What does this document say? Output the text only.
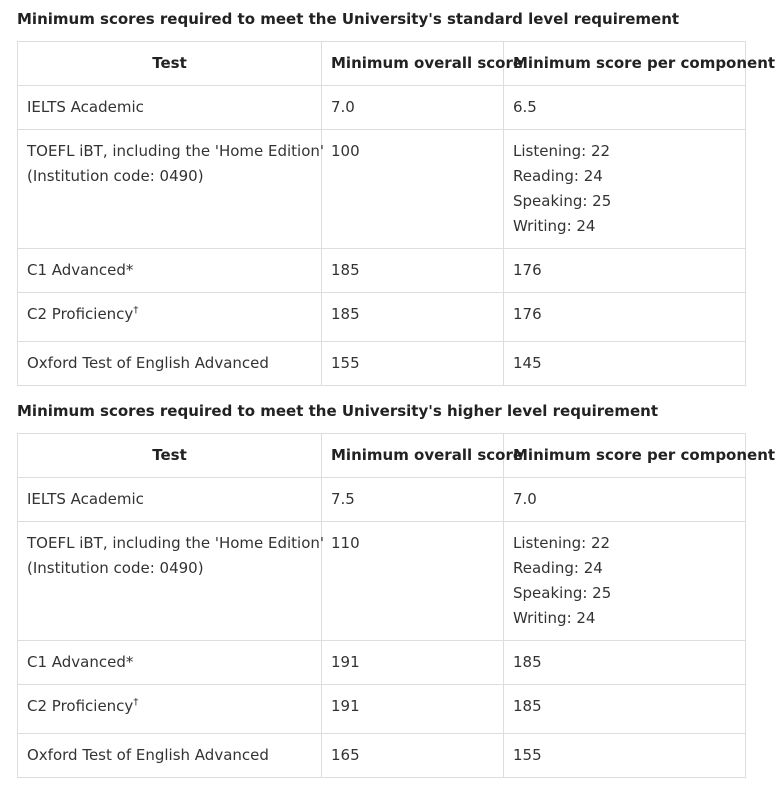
Minimum scores required to meet the University's standard level requirement
Test	Minimum overall score	Minimum score per component
IELTS Academic	7.0	6.5

TOEFL iBT, including the 'Home Edition'
(Institution code: 0490)	100	Listening: 22
Reading: 24
Speaking: 25
Writing: 24

C1 Advanced*	185	176
C2 Proficiency†	185	176
Oxford Test of English Advanced	155	145
Minimum scores required to meet the University's higher level requirement
Test	Minimum overall score	Minimum score per component
IELTS Academic	7.5	7.0

TOEFL iBT, including the 'Home Edition'
(Institution code: 0490)	110	Listening: 22
Reading: 24
Speaking: 25
Writing: 24

C1 Advanced*	191	185
C2 Proficiency†	191	185
Oxford Test of English Advanced	165	155
